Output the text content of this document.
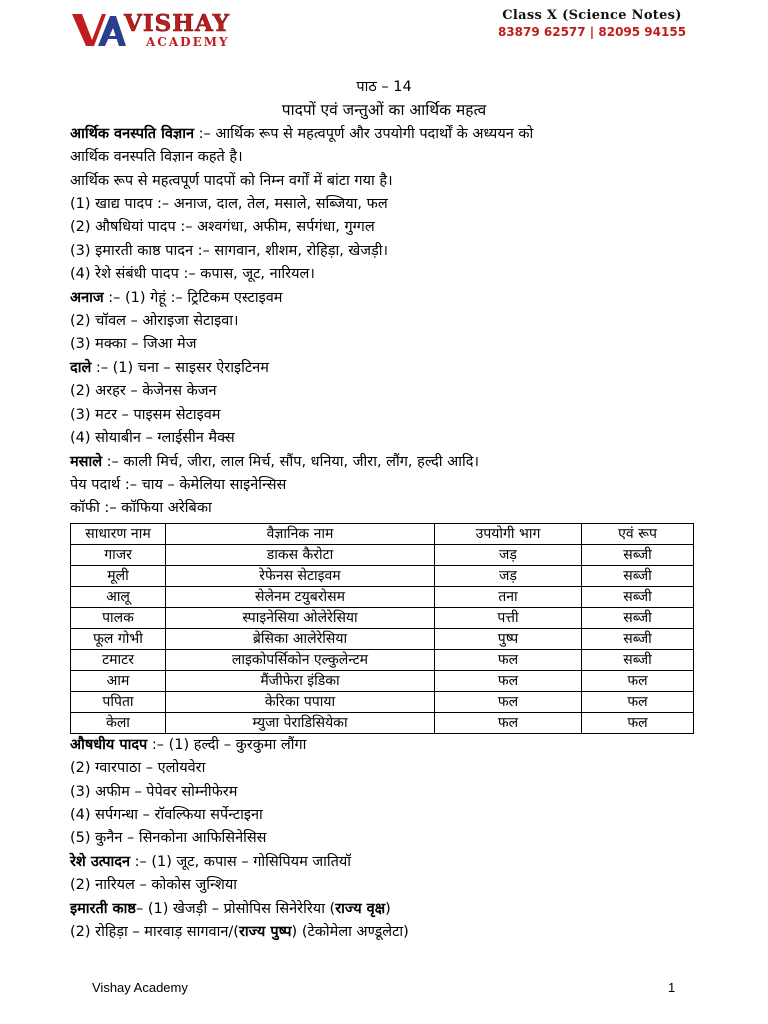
VISHAY
ACADEMY
Class X (Science Notes)
83879 62577 | 82095 94155
पाठ – 14
पादपों एवं जन्तुओं का आर्थिक महत्व
आर्थिक वनस्पति विज्ञान :– आर्थिक रूप से महत्वपूर्ण और उपयोगी पदार्थों के अध्ययन को
आर्थिक वनस्पति विज्ञान कहते है।
आर्थिक रूप से महत्वपूर्ण पादपों को निम्न वर्गों में बांटा गया है।
(1) खाद्य पादप :– अनाज, दाल, तेल, मसाले, सब्जिया, फल
(2) औषधियां पादप :– अश्वगंधा, अफीम, सर्पगंधा, गुग्गल
(3) इमारती काष्ठ पादन :– सागवान, शीशम, रोहिड़ा, खेजड़ी।
(4) रेशे संबंधी पादप :– कपास, जूट, नारियल।
अनाज :– (1) गेहूं :– ट्रिटिकम एस्टाइवम
(2) चॉवल – ओराइजा सेटाइवा।
(3) मक्का – जिआ मेज
दाले :– (1) चना – साइसर ऐराइटिनम
(2) अरहर – केजेनस केजन
(3) मटर – पाइसम सेटाइवम
(4) सोयाबीन – ग्लाईसीन मैक्स
मसाले :– काली मिर्च, जीरा, लाल मिर्च, सौंप, धनिया, जीरा, लौंग, हल्दी आदि।
पेय पदार्थ :– चाय – केमेलिया साइनेन्सिस
कॉफी :– कॉफिया अरेबिका
साधारण नाम	वैज्ञानिक नाम	उपयोगी भाग	एवं रूप
गाजर	डाकस कैरोटा	जड़	सब्जी
मूली	रेफेनस सेटाइवम	जड़	सब्जी
आलू	सेलेनम टयुबरोसम	तना	सब्जी
पालक	स्पाइनेसिया ओलेरेसिया	पत्ती	सब्जी
फूल गोभी	ब्रेसिका आलेरेसिया	पुष्प	सब्जी
टमाटर	लाइकोपर्सिकोन एल्कुलेन्टम	फल	सब्जी
आम	मैंजीफेरा इंडिका	फल	फल
पपिता	केरिका पपाया	फल	फल
केला	म्युजा पेराडिसियेका	फल	फल
औषधीय पादप :– (1) हल्दी – कुरकुमा लौंगा
(2) ग्वारपाठा – एलोयवेरा
(3) अफीम – पेपेवर सोम्नीफेरम
(4) सर्पगन्धा – रॉवल्फिया सर्पेन्टाइना
(5) कुनैन – सिनकोना आफिसिनेसिस
रेशे उत्पादन :– (1) जूट, कपास – गोसिपियम जातियॉ
(2) नारियल – कोकोस जुन्शिया
इमारती काष्ठ– (1) खेजड़ी – प्रोसोपिस सिनेरेरिया (राज्य वृक्ष)
(2) रोहिड़ा – मारवाड़ सागवान/(राज्य पुष्प) (टेकोमेला अण्डूलेटा)
Vishay Academy	1
